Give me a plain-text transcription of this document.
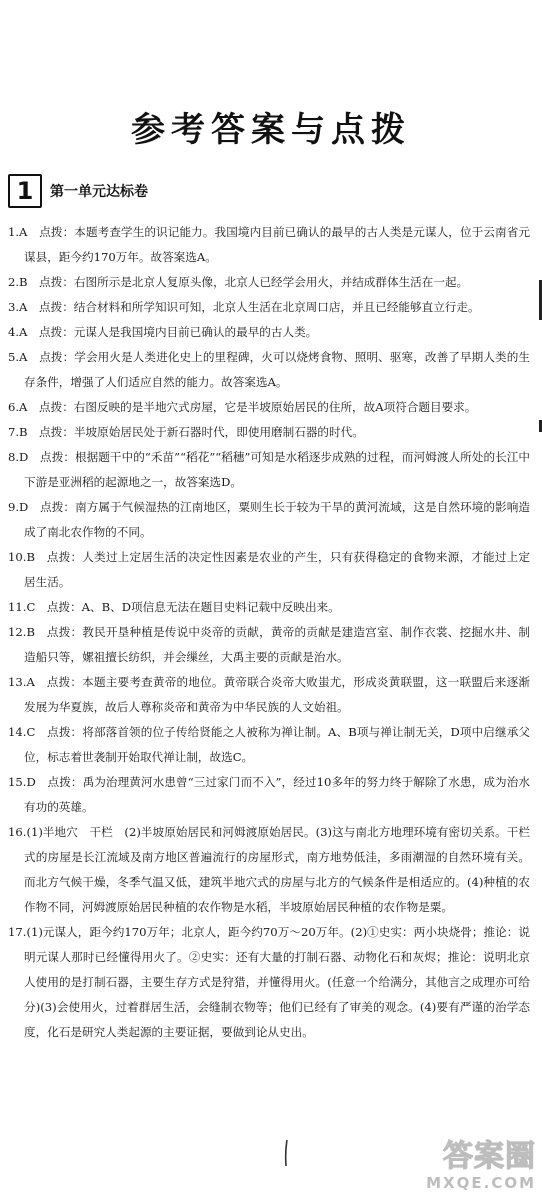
参考答案与点拨
1	第一单元达标卷

1.A　点拨：本题考查学生的识记能力。我国境内目前已确认的最早的古人类是元谋人，位于云南省元谋县，距今约170万年。故答案选A。

2.B　点拨：右图所示是北京人复原头像，北京人已经学会用火，并结成群体生活在一起。

3.A　点拨：结合材料和所学知识可知，北京人生活在北京周口店，并且已经能够直立行走。

4.A　点拨：元谋人是我国境内目前已确认的最早的古人类。

5.A　点拨：学会用火是人类进化史上的里程碑，火可以烧烤食物、照明、驱寒，改善了早期人类的生存条件，增强了人们适应自然的能力。故答案选A。

6.A　点拨：右图反映的是半地穴式房屋，它是半坡原始居民的住所，故A项符合题目要求。

7.B　点拨：半坡原始居民处于新石器时代，即使用磨制石器的时代。

8.D　点拨：根据题干中的“禾苗”“稻花”“稻穗”可知是水稻逐步成熟的过程，而河姆渡人所处的长江中下游是亚洲稻的起源地之一，故答案选D。

9.D　点拨：南方属于气候湿热的江南地区，粟则生长于较为干旱的黄河流域，这是自然环境的影响造成了南北农作物的不同。

10.B　点拨：人类过上定居生活的决定性因素是农业的产生，只有获得稳定的食物来源，才能过上定居生活。

11.C　点拨：A、B、D项信息无法在题目史料记载中反映出来。

12.B　点拨：教民开垦种植是传说中炎帝的贡献，黄帝的贡献是建造宫室、制作衣裳、挖掘水井、制造船只等，嫘祖擅长纺织，并会缫丝，大禹主要的贡献是治水。

13.A　点拨：本题主要考查黄帝的地位。黄帝联合炎帝大败蚩尤，形成炎黄联盟，这一联盟后来逐渐发展为华夏族，故后人尊称炎帝和黄帝为中华民族的人文始祖。

14.C　点拨：将部落首领的位子传给贤能之人被称为禅让制。A、B项与禅让制无关，D项中启继承父位，标志着世袭制开始取代禅让制，故选C。

15.D　点拨：禹为治理黄河水患曾“三过家门而不入”，经过10多年的努力终于解除了水患，成为治水有功的英雄。

16.(1)半地穴　干栏　(2)半坡原始居民和河姆渡原始居民。(3)这与南北方地理环境有密切关系。干栏式的房屋是长江流域及南方地区普遍流行的房屋形式，南方地势低洼，多雨潮湿的自然环境有关。而北方气候干燥，冬季气温又低，建筑半地穴式的房屋与北方的气候条件是相适应的。(4)种植的农作物不同，河姆渡原始居民种植的农作物是水稻，半坡原始居民种植的农作物是粟。

17.(1)元谋人，距今约170万年；北京人，距今约70万～20万年。(2)①史实：两小块烧骨；推论：说明元谋人那时已经懂得用火了。②史实：还有大量的打制石器、动物化石和灰烬；推论：说明北京人使用的是打制石器，主要生存方式是狩猎，并懂得用火。(任意一个给满分，其他言之成理亦可给分)(3)会使用火，过着群居生活，会缝制衣物等；他们已经有了审美的观念。(4)要有严谨的治学态度，化石是研究人类起源的主要证据，要做到论从史出。

答案圈
MXQE.COM
